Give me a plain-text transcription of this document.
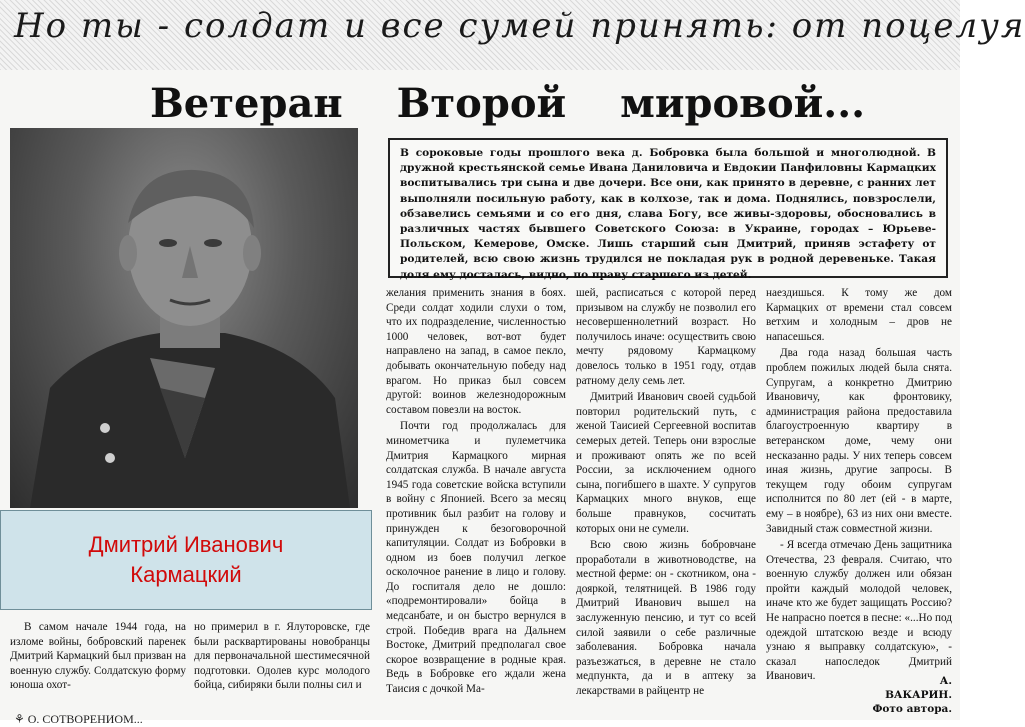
Но ты - солдат и все сумей принять: от поцелуя
Ветеран Второй мировой...
Дмитрий Иванович
Кармацкий
В сороковые годы прошлого века д. Бобровка была большой и многолюдной. В дружной крестьянской семье Ивана Даниловича и Евдокии Панфиловны Кармацких воспитывались три сына и две дочери. Все они, как принято в деревне, с ранних лет выполняли посильную работу, как в колхозе, так и дома. Поднялись, повзрослели, обзавелись семьями и со его дня, слава Богу, все живы-здоровы, обосновались в различных частях бывшего Советского Союза: в Украине, городах – Юрьеве-Польском, Кемерове, Омске. Лишь старший сын Дмитрий, приняв эстафету от родителей, всю свою жизнь трудился не покладая рук в родной деревеньке. Такая доля ему досталась, видно, по праву старшего из детей.

В самом начале 1944 года, на изломе войны, бобровский паренек Дмитрий Кармацкий был призван на военную службу. Солдатскую форму юноша охот-

но примерил в г. Ялуторовске, где были расквартированы новобранцы для первоначальной шестимесячной подготовки. Одолев курс молодого бойца, сибиряки были полны сил и

желания применить знания в боях. Среди солдат ходили слухи о том, что их подразделение, численностью 1000 человек, вот-вот будет направлено на запад, в самое пекло, добывать окончательную победу над врагом. Но приказ был совсем другой: воинов железнодорожным составом повезли на восток.

Почти год продолжалась для минометчика и пулеметчика Дмитрия Кармацкого мирная солдатская служба. В начале августа 1945 года советские войска вступили в войну с Японией. Всего за месяц противник был разбит на голову и принужден к безоговорочной капитуляции. Солдат из Бобровки в одном из боев получил легкое осколочное ранение в лицо и голову. До госпиталя дело не дошло: «подремонтировали» бойца в медсанбате, и он быстро вернулся в строй. Победив врага на Дальнем Востоке, Дмитрий предполагал свое скорое возвращение в родные края. Ведь в Бобровке его ждали жена Таисия с дочкой Ма-

шей, расписаться с которой перед призывом на службу не позволил его несовершеннолетний возраст. Но получилось иначе: осуществить свою мечту рядовому Кармацкому довелось только в 1951 году, отдав ратному делу семь лет.

Дмитрий Иванович своей судьбой повторил родительский путь, с женой Таисией Сергеевной воспитав семерых детей. Теперь они взрослые и проживают опять же по всей России, за исключением одного сына, погибшего в шахте. У супругов Кармацких много внуков, еще больше правнуков, сосчитать которых они не сумели.

Всю свою жизнь бобровчане проработали в животноводстве, на местной ферме: он - скотником, она - дояркой, телятницей. В 1986 году Дмитрий Иванович вышел на заслуженную пенсию, и тут со всей силой заявили о себе различные заболевания. Бобровка начала разъезжаться, в деревне не стало медпункта, да и в аптеку за лекарствами в райцентр не

наездишься. К тому же дом Кармацких от времени стал совсем ветхим и холодным – дров не напасешься.

Два года назад большая часть проблем пожилых людей была снята. Супругам, а конкретно Дмитрию Ивановичу, как фронтовику, администрация района предоставила благоустроенную квартиру в ветеранском доме, чему они несказанно рады. У них теперь совсем иная жизнь, другие запросы. В текущем году обоим супругам исполнится по 80 лет (ей - в марте, ему – в ноябре), 63 из них они вместе. Завидный стаж совместной жизни.

- Я всегда отмечаю День защитника Отечества, 23 февраля. Считаю, что военную службу должен или обязан пройти каждый молодой человек, иначе кто же будет защищать Россию? Не напрасно поется в песне: «...Но под одеждой штатскою везде и всюду узнаю я выправку солдатскую», - сказал напоследок Дмитрий Иванович.	А. ВАКАРИН.
Фото автора.
⚘ О. СОТВОРЕНИОМ...
